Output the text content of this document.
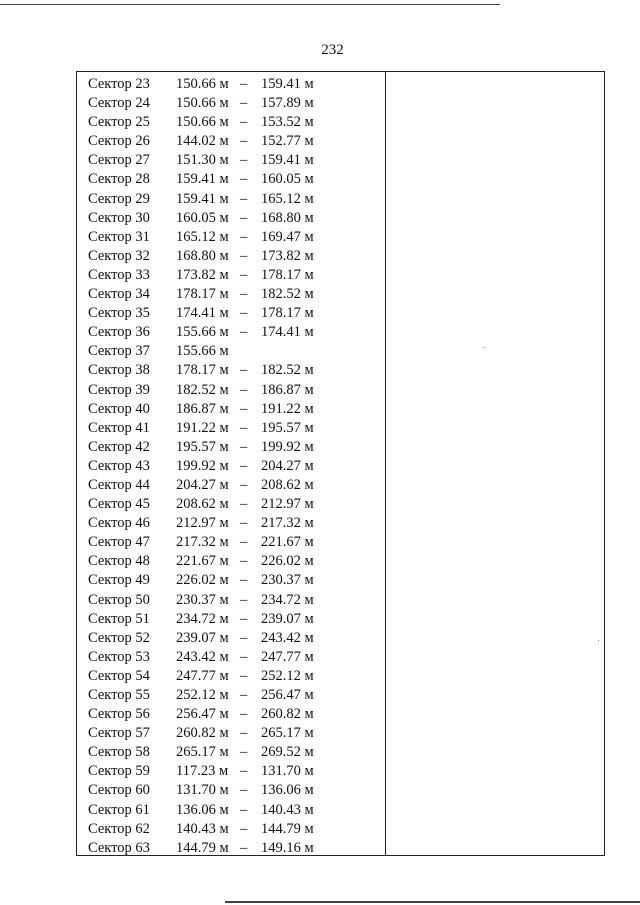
232
Сектор 23 150.66 м – 159.41 м
Сектор 24 150.66 м – 157.89 м
Сектор 25 150.66 м – 153.52 м
Сектор 26 144.02 м – 152.77 м
Сектор 27 151.30 м – 159.41 м
Сектор 28 159.41 м – 160.05 м
Сектор 29 159.41 м – 165.12 м
Сектор 30 160.05 м – 168.80 м
Сектор 31 165.12 м – 169.47 м
Сектор 32 168.80 м – 173.82 м
Сектор 33 173.82 м – 178.17 м
Сектор 34 178.17 м – 182.52 м
Сектор 35 174.41 м – 178.17 м
Сектор 36 155.66 м – 174.41 м
Сектор 37 155.66 м
Сектор 38 178.17 м – 182.52 м
Сектор 39 182.52 м – 186.87 м
Сектор 40 186.87 м – 191.22 м
Сектор 41 191.22 м – 195.57 м
Сектор 42 195.57 м – 199.92 м
Сектор 43 199.92 м – 204.27 м
Сектор 44 204.27 м – 208.62 м
Сектор 45 208.62 м – 212.97 м
Сектор 46 212.97 м – 217.32 м
Сектор 47 217.32 м – 221.67 м
Сектор 48 221.67 м – 226.02 м
Сектор 49 226.02 м – 230.37 м
Сектор 50 230.37 м – 234.72 м
Сектор 51 234.72 м – 239.07 м
Сектор 52 239.07 м – 243.42 м
Сектор 53 243.42 м – 247.77 м
Сектор 54 247.77 м – 252.12 м
Сектор 55 252.12 м – 256.47 м
Сектор 56 256.47 м – 260.82 м
Сектор 57 260.82 м – 265.17 м
Сектор 58 265.17 м – 269.52 м
Сектор 59 117.23 м – 131.70 м
Сектор 60 131.70 м – 136.06 м
Сектор 61 136.06 м – 140.43 м
Сектор 62 140.43 м – 144.79 м
Сектор 63 144.79 м – 149.16 м
